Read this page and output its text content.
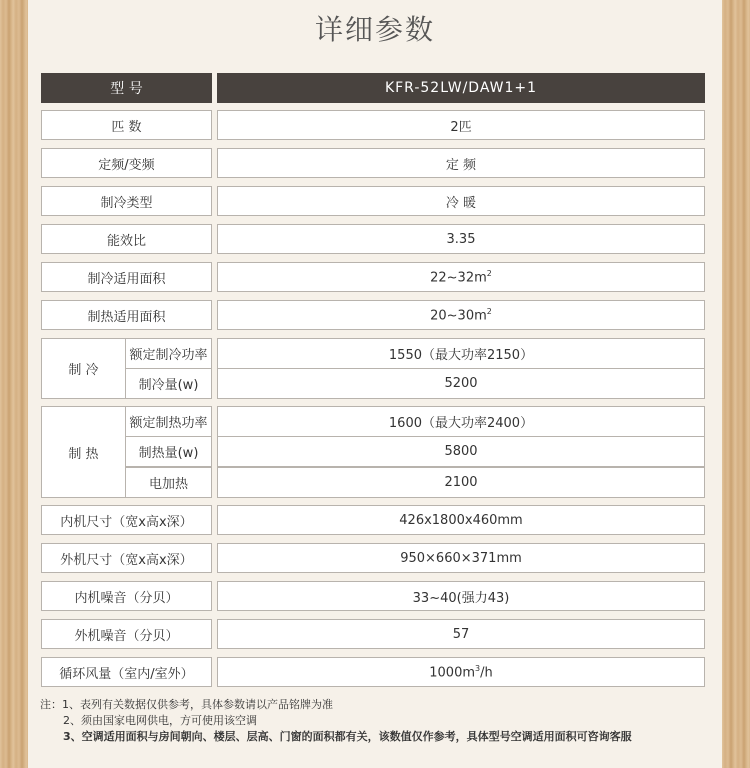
详细参数
型 号	KFR-52LW/DAW1+1
匹 数	2匹
定频/变频	定 频
制冷类型	冷 暖
能效比	3.35
制冷适用面积	$22\sim 32m^2$
制热适用面积	$20\sim 30m^2$
制 冷
额定制冷功率	1550（最大功率2150）
制冷量(w)	5200
制 热
额定制热功率	1600（最大功率2400）
制热量(w)	5800
电加热	2100
内机尺寸（宽x高x深）	426x1800x460mm
外机尺寸（宽x高x深）	950×660×371mm
内机噪音（分贝）	33~40(强力43)
外机噪音（分贝）	57
循环风量（室内/室外）	$1000m^3/h$
注：1、表列有关数据仅供参考，具体参数请以产品铭牌为准
2、须由国家电网供电，方可使用该空调
3、空调适用面积与房间朝向、楼层、层高、门窗的面积都有关，该数值仅作参考，具体型号空调适用面积可咨询客服
